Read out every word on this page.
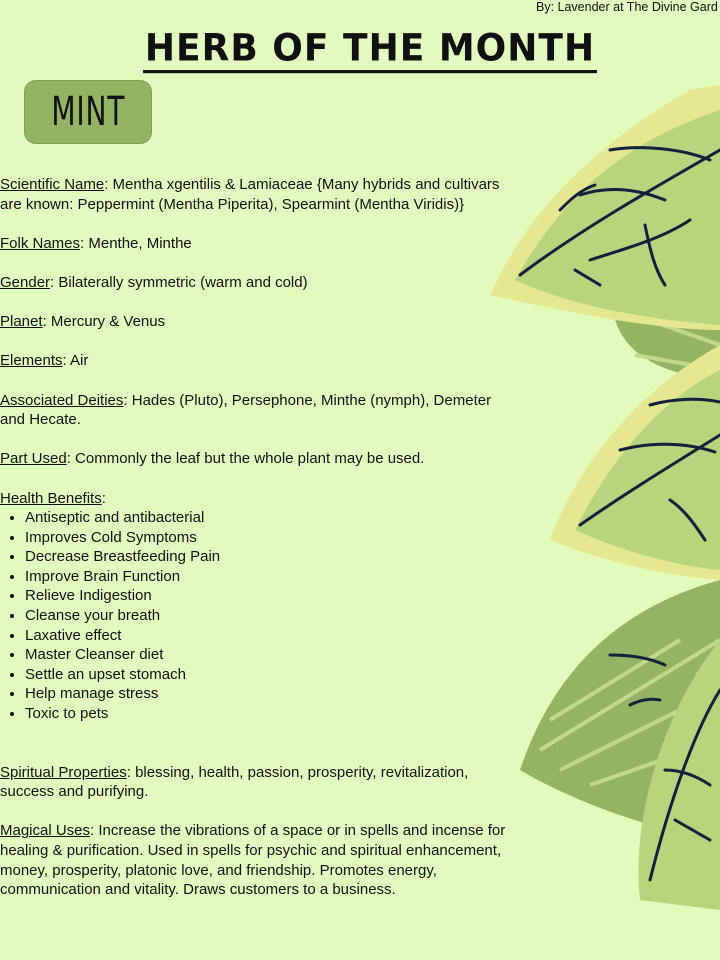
By: Lavender at The Divine Gard
HERB OF THE MONTH
MINT

Scientific Name: Mentha xgentilis & Lamiaceae {Many hybrids and cultivars are known: Peppermint (Mentha Piperita), Spearmint (Mentha Viridis)}

Folk Names: Menthe, Minthe

Gender: Bilaterally symmetric (warm and cold)

Planet: Mercury & Venus

Elements: Air

Associated Deities: Hades (Pluto), Persephone, Minthe (nymph), Demeter and Hecate.

Part Used: Commonly the leaf but the whole plant may be used.

Health Benefits:
• Antiseptic and antibacterial
• Improves Cold Symptoms
• Decrease Breastfeeding Pain
• Improve Brain Function
• Relieve Indigestion
• Cleanse your breath
• Laxative effect
• Master Cleanser diet
• Settle an upset stomach
• Help manage stress
• Toxic to pets

Spiritual Properties: blessing, health, passion, prosperity, revitalization, success and purifying.

Magical Uses: Increase the vibrations of a space or in spells and incense for healing & purification. Used in spells for psychic and spiritual enhancement, money, prosperity, platonic love, and friendship. Promotes energy, communication and vitality. Draws customers to a business.
